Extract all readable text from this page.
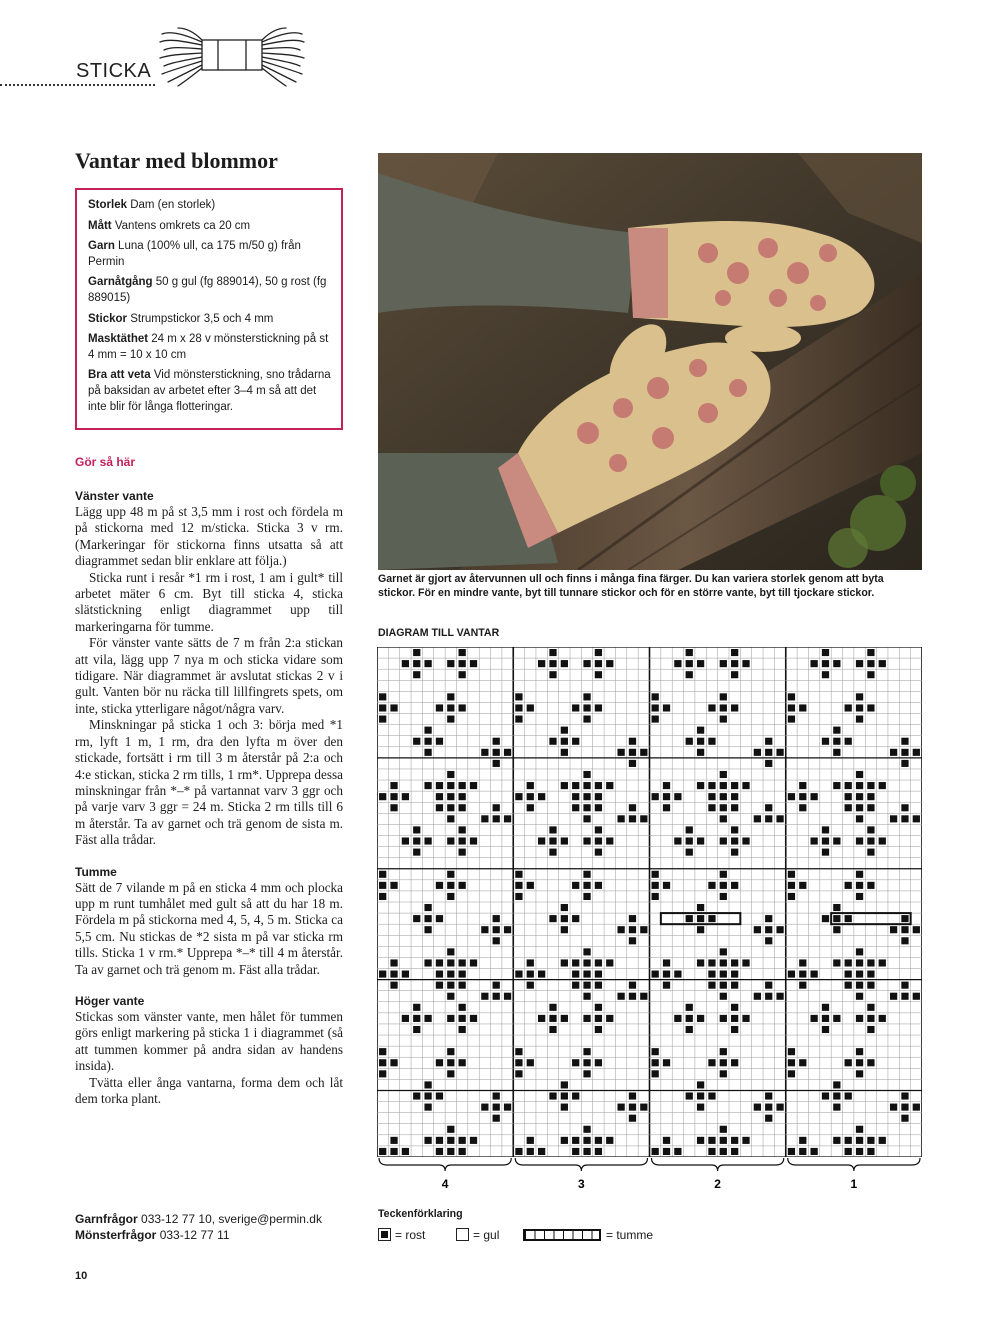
STICKA
Vantar med blommor
Storlek Dam (en storlek)
Mått Vantens omkrets ca 20 cm
Garn Luna (100% ull, ca 175 m/50 g) från Permin
Garnåtgång 50 g gul (fg 889014), 50 g rost (fg 889015)
Stickor Strumpstickor 3,5 och 4 mm
Masktäthet 24 m x 28 v mönsterstickning på st 4 mm = 10 x 10 cm
Bra att veta Vid mönsterstickning, sno trådarna på baksidan av arbetet efter 3–4 m så att det inte blir för långa flotteringar.
Gör så här
Vänster vante

Lägg upp 48 m på st 3,5 mm i rost och fördela m på stickorna med 12 m/sticka. Sticka 3 v rm. (Markeringar för stickorna finns utsatta så att diagrammet sedan blir enklare att följa.)

Sticka runt i resår *1 rm i rost, 1 am i gult* till arbetet mäter 6 cm. Byt till sticka 4, sticka slätstickning enligt diagrammet upp till markeringarna för tumme.

För vänster vante sätts de 7 m från 2:a stickan att vila, lägg upp 7 nya m och sticka vidare som tidigare. När diagrammet är avslutat stickas 2 v i gult. Vanten bör nu räcka till lillfingrets spets, om inte, sticka ytterligare något/några varv.

Minskningar på sticka 1 och 3: börja med *1 rm, lyft 1 m, 1 rm, dra den lyfta m över den stickade, fortsätt i rm till 3 m återstår på 2:a och 4:e stickan, sticka 2 rm tills, 1 rm*. Upprepa dessa minskningar från *–* på vartannat varv 3 ggr och på varje varv 3 ggr = 24 m. Sticka 2 rm tills till 6 m återstår. Ta av garnet och trä genom de sista m. Fäst alla trådar.

Tumme

Sätt de 7 vilande m på en sticka 4 mm och plocka upp m runt tumhålet med gult så att du har 18 m. Fördela m på stickorna med 4, 5, 4, 5 m. Sticka ca 5,5 cm. Nu stickas de *2 sista m på var sticka rm tills. Sticka 1 v rm.* Upprepa *–* till 4 m återstår. Ta av garnet och trä genom m. Fäst alla trådar.

Höger vante

Stickas som vänster vante, men hålet för tummen görs enligt markering på sticka 1 i diagrammet (så att tummen kommer på andra sidan av handens insida).

Tvätta eller ånga vantarna, forma dem och låt dem torka plant.

Garnfrågor 033-12 77 10, sverige@permin.dk
Mönsterfrågor 033-12 77 11
10
Garnet är gjort av återvunnen ull och finns i många fina färger. Du kan variera storlek genom att byta stickor. För en mindre vante, byt till tunnare stickor och för en större vante, byt till tjockare stickor.
DIAGRAM TILL VANTAR
4	3	2	1
Teckenförklaring
= rost	= gul	= tumme
